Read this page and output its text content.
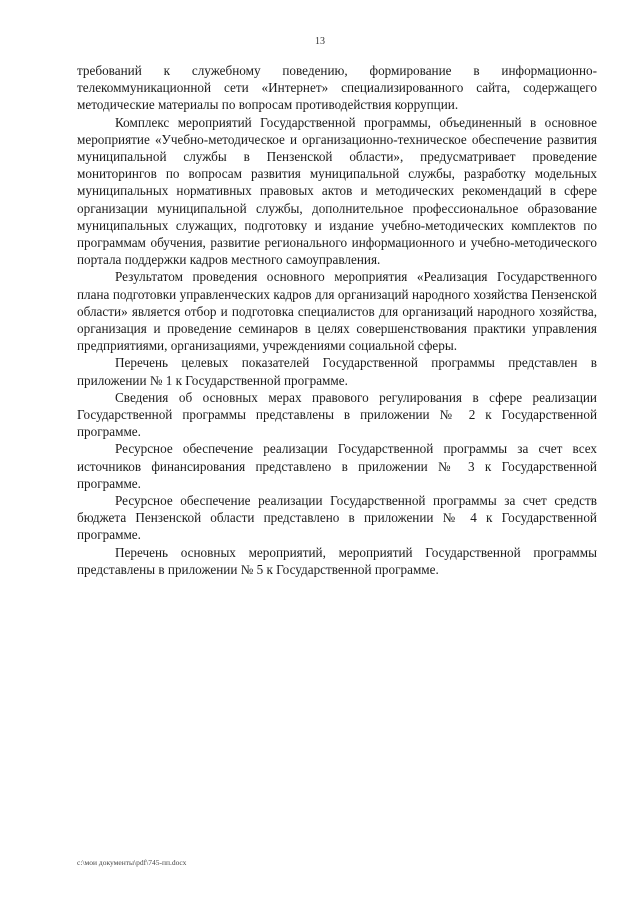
13

требований к служебному поведению, формирование в информационно-телекоммуникационной сети «Интернет» специализированного сайта, содержащего методические материалы по вопросам противодействия коррупции.

Комплекс мероприятий Государственной программы, объединенный в основное мероприятие «Учебно-методическое и организационно-техническое обеспечение развития муниципальной службы в Пензенской области», предусматривает проведение мониторингов по вопросам развития муниципальной службы, разработку модельных муниципальных нормативных правовых актов и методических рекомендаций в сфере организации муниципальной службы, дополнительное профессиональное образование муниципальных служащих, подготовку и издание учебно-методических комплектов по программам обучения, развитие регионального информационного и учебно-методического портала поддержки кадров местного самоуправления.

Результатом проведения основного мероприятия «Реализация Государственного плана подготовки управленческих кадров для организаций народного хозяйства Пензенской области» является отбор и подготовка специалистов для организаций народного хозяйства, организация и проведение семинаров в целях совершенствования практики управления предприятиями, организациями, учреждениями социальной сферы.

Перечень целевых показателей Государственной программы представлен в приложении № 1 к Государственной программе.

Сведения об основных мерах правового регулирования в сфере реализации Государственной программы представлены в приложении № 2 к Государственной программе.

Ресурсное обеспечение реализации Государственной программы за счет всех источников финансирования представлено в приложении № 3 к Государственной программе.

Ресурсное обеспечение реализации Государственной программы за счет средств бюджета Пензенской области представлено в приложении № 4 к Государственной программе.

Перечень основных мероприятий, мероприятий Государственной программы представлены в приложении № 5 к Государственной программе.

c:\мои документы\pdf\745-пп.docx
